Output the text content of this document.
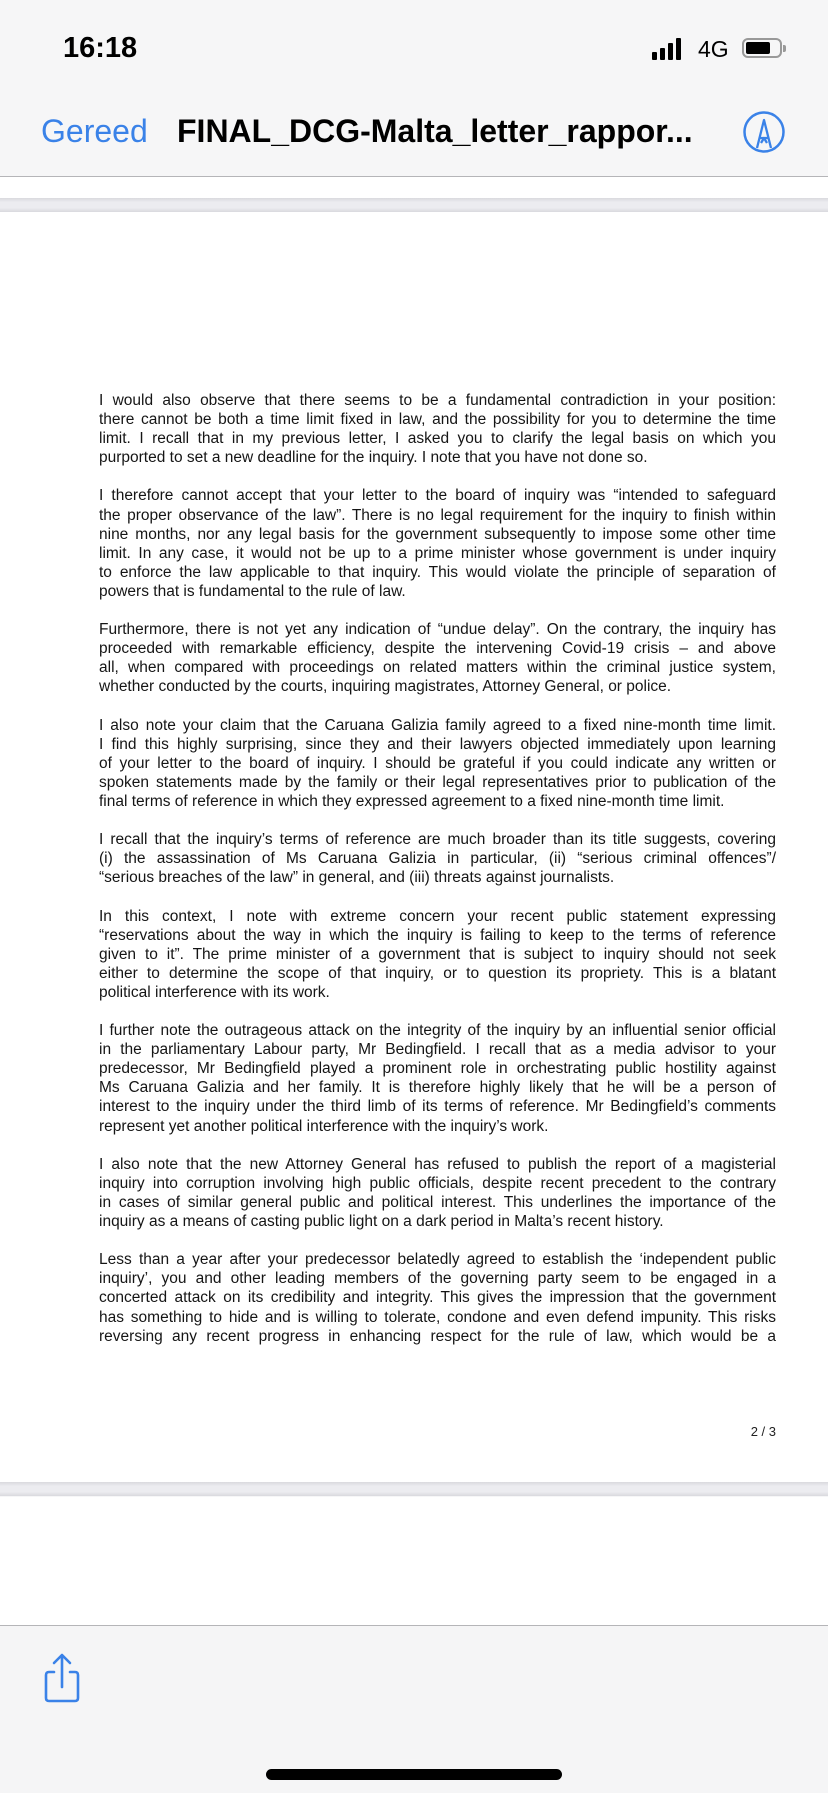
16:18	4G
Gereed FINAL_DCG-Malta_letter_rappor...
I would also observe that there seems to be a fundamental contradiction in your position:
there cannot be both a time limit fixed in law, and the possibility for you to determine the time
limit. I recall that in my previous letter, I asked you to clarify the legal basis on which you
purported to set a new deadline for the inquiry. I note that you have not done so.
I therefore cannot accept that your letter to the board of inquiry was “intended to safeguard
the proper observance of the law”. There is no legal requirement for the inquiry to finish within
nine months, nor any legal basis for the government subsequently to impose some other time
limit. In any case, it would not be up to a prime minister whose government is under inquiry
to enforce the law applicable to that inquiry. This would violate the principle of separation of
powers that is fundamental to the rule of law.
Furthermore, there is not yet any indication of “undue delay”. On the contrary, the inquiry has
proceeded with remarkable efficiency, despite the intervening Covid-19 crisis – and above
all, when compared with proceedings on related matters within the criminal justice system,
whether conducted by the courts, inquiring magistrates, Attorney General, or police.
I also note your claim that the Caruana Galizia family agreed to a fixed nine-month time limit.
I find this highly surprising, since they and their lawyers objected immediately upon learning
of your letter to the board of inquiry. I should be grateful if you could indicate any written or
spoken statements made by the family or their legal representatives prior to publication of the
final terms of reference in which they expressed agreement to a fixed nine-month time limit.
I recall that the inquiry’s terms of reference are much broader than its title suggests, covering
(i) the assassination of Ms Caruana Galizia in particular, (ii) “serious criminal offences”/
“serious breaches of the law” in general, and (iii) threats against journalists.
In this context, I note with extreme concern your recent public statement expressing
“reservations about the way in which the inquiry is failing to keep to the terms of reference
given to it”. The prime minister of a government that is subject to inquiry should not seek
either to determine the scope of that inquiry, or to question its propriety. This is a blatant
political interference with its work.
I further note the outrageous attack on the integrity of the inquiry by an influential senior official
in the parliamentary Labour party, Mr Bedingfield. I recall that as a media advisor to your
predecessor, Mr Bedingfield played a prominent role in orchestrating public hostility against
Ms Caruana Galizia and her family. It is therefore highly likely that he will be a person of
interest to the inquiry under the third limb of its terms of reference. Mr Bedingfield’s comments
represent yet another political interference with the inquiry’s work.
I also note that the new Attorney General has refused to publish the report of a magisterial
inquiry into corruption involving high public officials, despite recent precedent to the contrary
in cases of similar general public and political interest. This underlines the importance of the
inquiry as a means of casting public light on a dark period in Malta’s recent history.
Less than a year after your predecessor belatedly agreed to establish the ‘independent public
inquiry’, you and other leading members of the governing party seem to be engaged in a
concerted attack on its credibility and integrity. This gives the impression that the government
has something to hide and is willing to tolerate, condone and even defend impunity. This risks
reversing any recent progress in enhancing respect for the rule of law, which would be a
2 / 3
